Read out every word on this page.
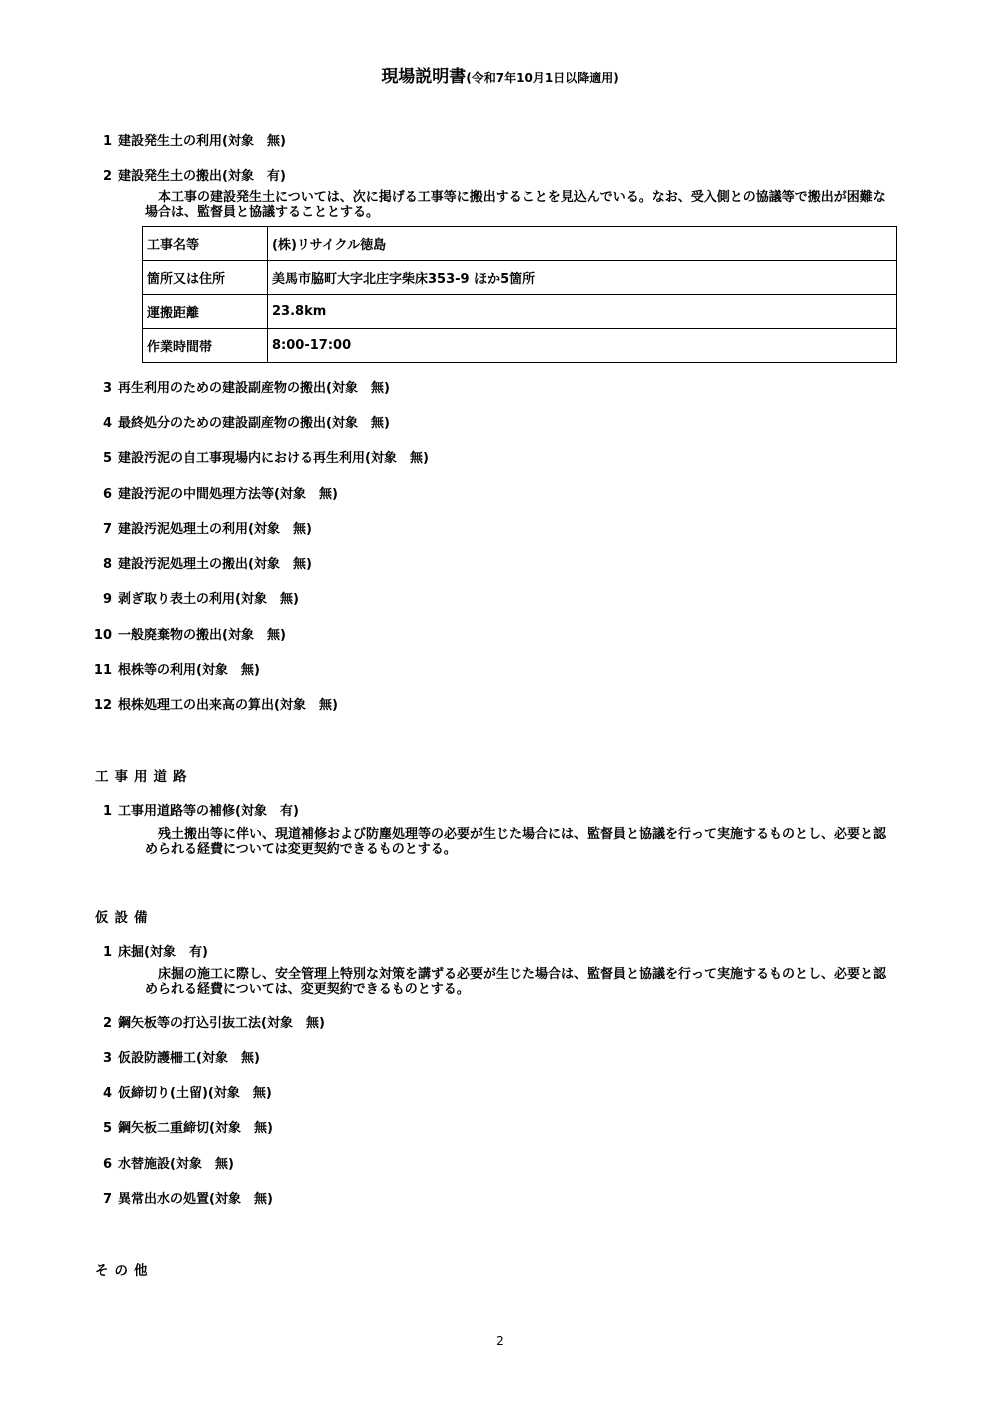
現場説明書(令和7年10月1日以降適用)
1 建設発生土の利用(対象　無)
2 建設発生土の搬出(対象　有)
　本工事の建設発生土については、次に掲げる工事等に搬出することを見込んでいる。なお、受入側との協議等で搬出が困難な場合は、監督員と協議することとする。
工事名等	(株)リサイクル徳島
箇所又は住所	美馬市脇町大字北庄字柴床353-9 ほか5箇所
運搬距離	23.8km
作業時間帯	8:00-17:00
3 再生利用のための建設副産物の搬出(対象　無)
4 最終処分のための建設副産物の搬出(対象　無)
5 建設汚泥の自工事現場内における再生利用(対象　無)
6 建設汚泥の中間処理方法等(対象　無)
7 建設汚泥処理土の利用(対象　無)
8 建設汚泥処理土の搬出(対象　無)
9 剥ぎ取り表土の利用(対象　無)
10 一般廃棄物の搬出(対象　無)
11 根株等の利用(対象　無)
12 根株処理工の出来高の算出(対象　無)
工事用道路
1 工事用道路等の補修(対象　有)
　残土搬出等に伴い、現道補修および防塵処理等の必要が生じた場合には、監督員と協議を行って実施するものとし、必要と認められる経費については変更契約できるものとする。
仮設備
1 床掘(対象　有)
　床掘の施工に際し、安全管理上特別な対策を講ずる必要が生じた場合は、監督員と協議を行って実施するものとし、必要と認められる経費については、変更契約できるものとする。
2 鋼矢板等の打込引抜工法(対象　無)
3 仮設防護柵工(対象　無)
4 仮締切り(土留)(対象　無)
5 鋼矢板二重締切(対象　無)
6 水替施設(対象　無)
7 異常出水の処置(対象　無)
その他
2
